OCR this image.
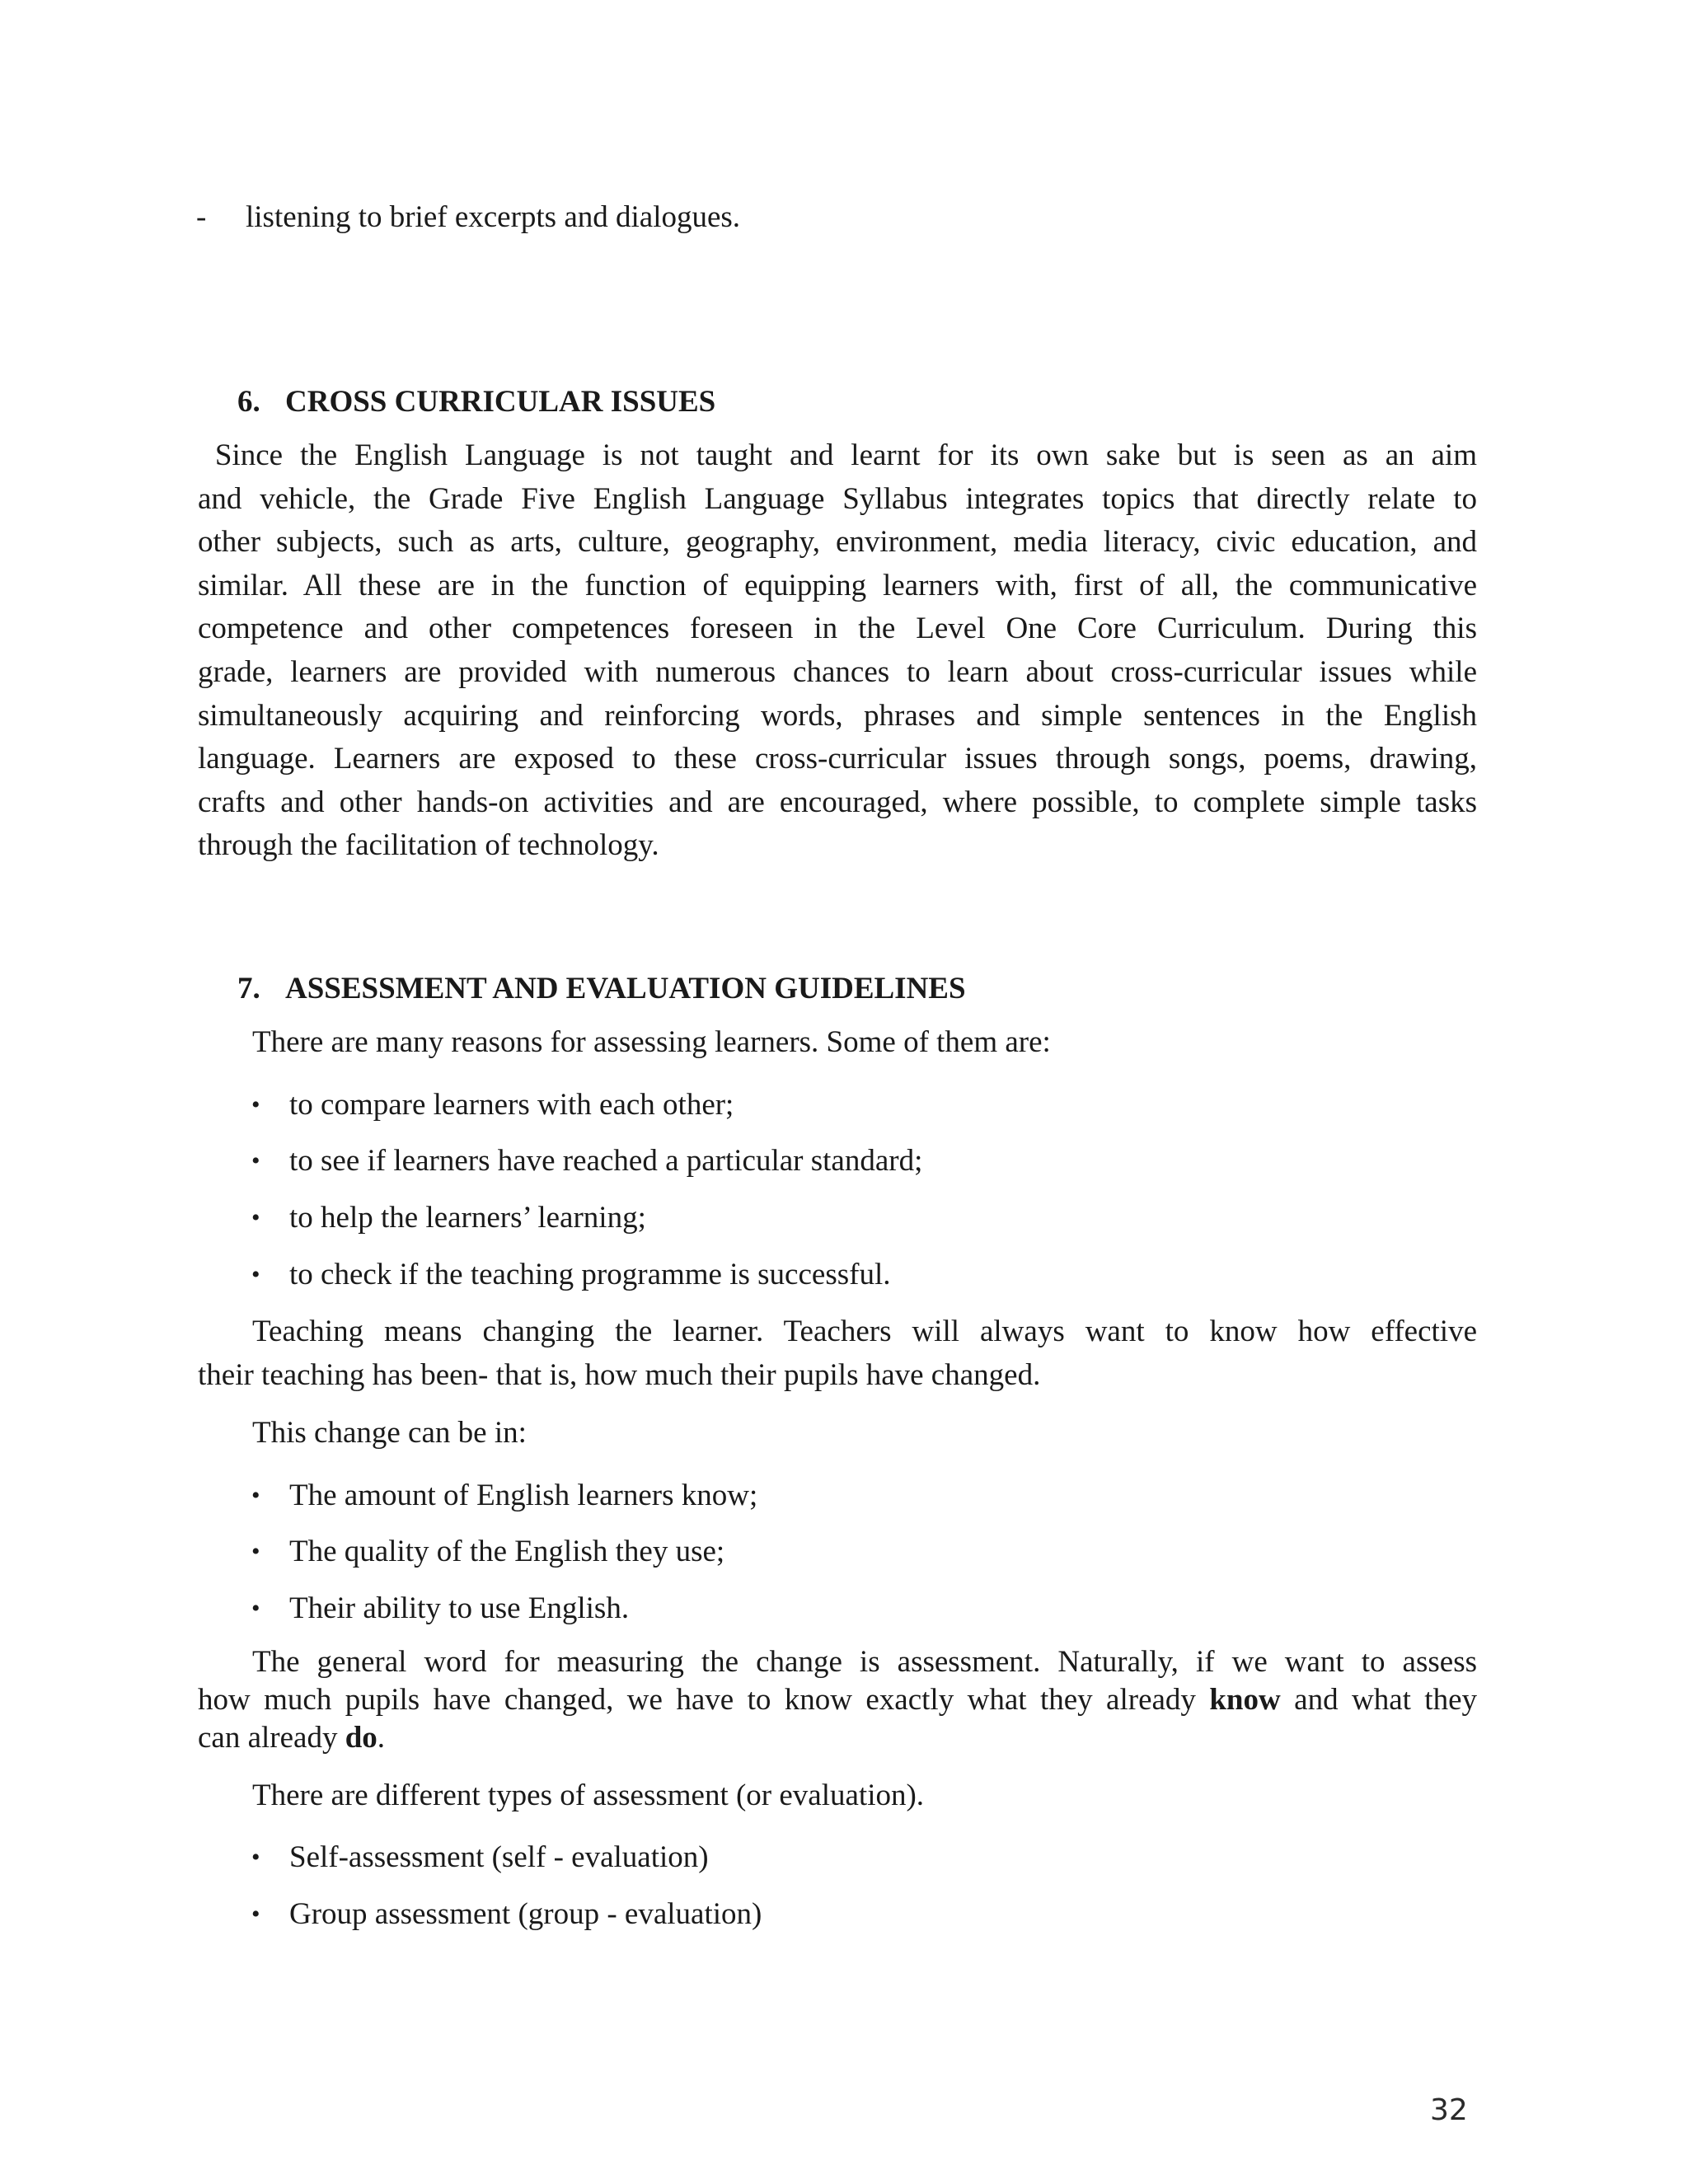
- listening to brief excerpts and dialogues.
6. CROSS CURRICULAR ISSUES
Since the English Language is not taught and learnt for its own sake but is seen as an aim
and vehicle, the Grade Five English Language Syllabus integrates topics that directly relate to
other subjects, such as arts, culture, geography, environment, media literacy, civic education, and
similar. All these are in the function of equipping learners with, first of all, the communicative
competence and other competences foreseen in the Level One Core Curriculum. During this
grade, learners are provided with numerous chances to learn about cross-curricular issues while
simultaneously acquiring and reinforcing words, phrases and simple sentences in the English
language. Learners are exposed to these cross-curricular issues through songs, poems, drawing,
crafts and other hands-on activities and are encouraged, where possible, to complete simple tasks
through the facilitation of technology.
7. ASSESSMENT AND EVALUATION GUIDELINES
There are many reasons for assessing learners. Some of them are:
• to compare learners with each other;
• to see if learners have reached a particular standard;
• to help the learners’ learning;
• to check if the teaching programme is successful.
Teaching means changing the learner. Teachers will always want to know how effective
their teaching has been- that is, how much their pupils have changed.
This change can be in:
• The amount of English learners know;
• The quality of the English they use;
• Their ability to use English.
The general word for measuring the change is assessment. Naturally, if we want to assess
how much pupils have changed, we have to know exactly what they already know and what they
can already do.
There are different types of assessment (or evaluation).
• Self-assessment (self - evaluation)
• Group assessment (group - evaluation)
32
